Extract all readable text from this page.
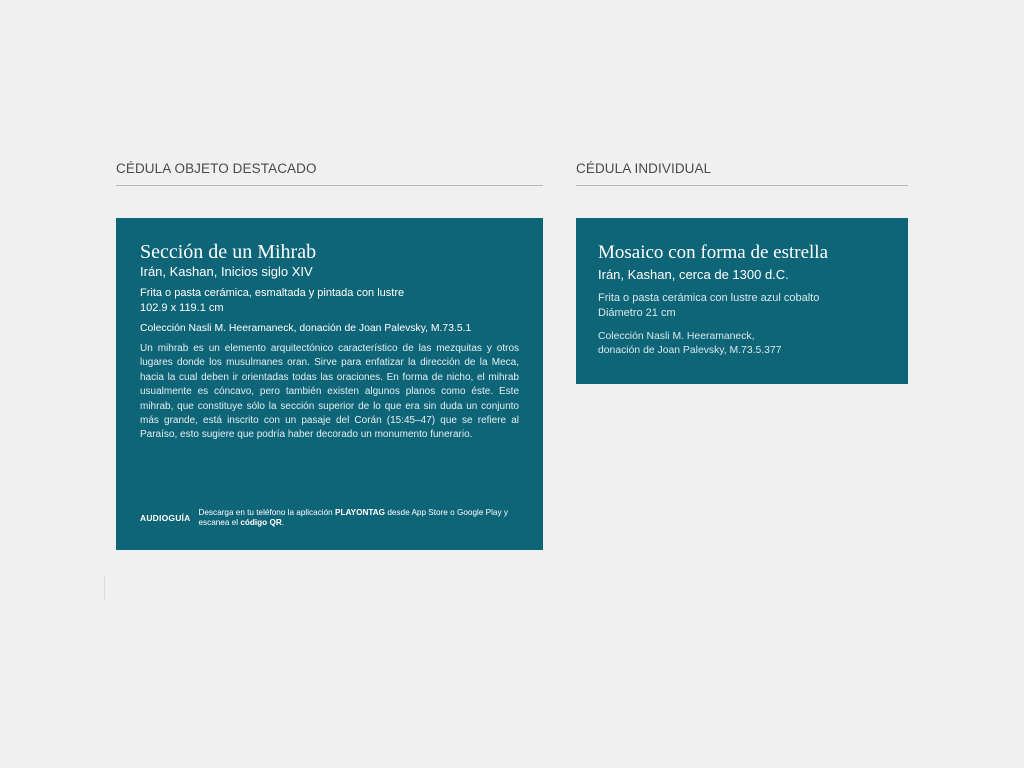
CÉDULA OBJETO DESTACADO	CÉDULA INDIVIDUAL
Sección de un Mihrab

Irán, Kashan, Inicios siglo XIV

Frita o pasta cerámica, esmaltada y pintada con lustre
102.9 x 119.1 cm

Colección Nasli M. Heeramaneck, donación de Joan Palevsky, M.73.5.1

Un mihrab es un elemento arquitectónico característico de las mezquitas y otros lugares donde los musulmanes oran. Sirve para enfatizar la dirección de la Meca, hacia la cual deben ir orientadas todas las oraciones. En forma de nicho, el mihrab usualmente es cóncavo, pero también existen algunos planos como éste. Este mihrab, que constituye sólo la sección superior de lo que era sin duda un conjunto más grande, está inscrito con un pasaje del Corán (15:45–47) que se refiere al Paraíso, esto sugiere que podría haber decorado un monumento funerario.

AUDIOGUÍA
Descarga en tu teléfono la aplicación PLAYONTAG desde App Store o Google Play y escanea el código QR.
Mosaico con forma de estrella

Irán, Kashan, cerca de 1300 d.C.

Frita o pasta cerámica con lustre azul cobalto
Diámetro 21 cm

Colección Nasli M. Heeramaneck,
donación de Joan Palevsky, M.73.5.377
